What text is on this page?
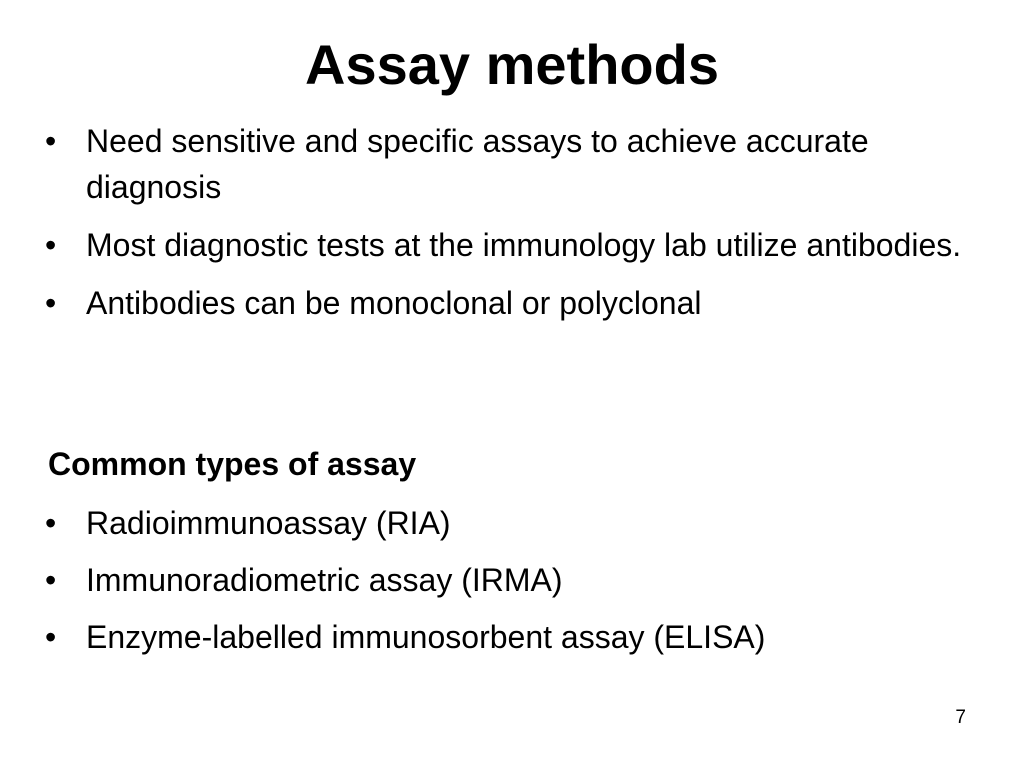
Assay methods
• Need sensitive and specific assays to achieve accurate diagnosis
• Most diagnostic tests at the immunology lab utilize antibodies.
• Antibodies can be monoclonal or polyclonal
Common types of assay
• Radioimmunoassay (RIA)
• Immunoradiometric assay (IRMA)
• Enzyme-labelled immunosorbent assay (ELISA)
7
